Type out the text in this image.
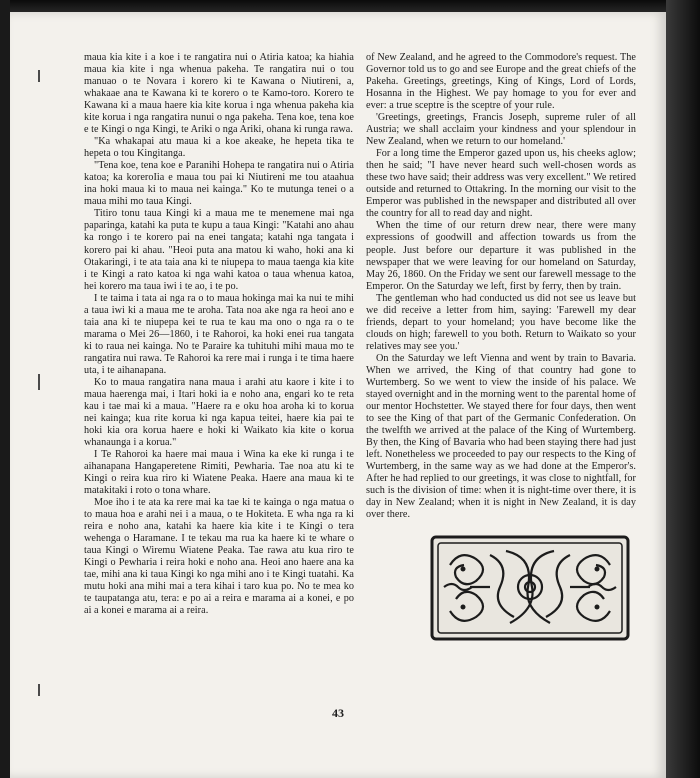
maua kia kite i a koe i te rangatira nui o Atiria katoa; ka hiahia maua kia kite i nga whenua pakeha. Te rangatira nui o tou manuao o te Novara i korero ki te Kawana o Niutireni, a, whakaae ana te Kawana ki te korero o te Kamo-toro. Korero te Kawana ki a maua haere kia kite korua i nga whenua pakeha kia kite korua i nga rangatira nunui o nga pakeha. Tena koe, tena koe e te Kingi o nga Kingi, te Ariki o nga Ariki, ohana ki runga rawa.

"Ka whakapai atu maua ki a koe akeake, he hepeta tika te hepeta o tou Kingitanga.

"Tena koe, tena koe e Paranihi Hohepa te rangatira nui o Atiria katoa; ka koreroIia e maua tou pai ki Niutireni me tou ataahua ina hoki maua ki to maua nei kainga." Ko te mutunga tenei o a maua mihi mo taua Kingi.

Titiro tonu taua Kingi ki a maua me te menemene mai nga paparinga, katahi ka puta te kupu a taua Kingi: "Katahi ano ahau ka rongo i te korero pai na enei tangata; katahi nga tangata i korero pai ki ahau. "Heoi puta ana matou ki waho, hoki ana ki Otakaringi, i te ata taia ana ki te niupepa to maua taenga kia kite i te Kingi a rato katoa ki nga wahi katoa o taua whenua katoa, hei korero ma taua iwi i te ao, i te po.

I te taima i tata ai nga ra o to maua hokinga mai ka nui te mihi a taua iwi ki a maua me te aroha. Tata noa ake nga ra heoi ano e taia ana ki te niupepa kei te rua te kau ma ono o nga ra o te marama o Mei 26—1860, i te Rahoroi, ka hoki enei rua tangata ki to raua nei kainga. No te Paraire ka tuhituhi mihi maua mo te rangatira nui rawa. Te Rahoroi ka rere mai i runga i te tima haere uta, i te aihanapana.

Ko to maua rangatira nana maua i arahi atu kaore i kite i to maua haerenga mai, i Itari hoki ia e noho ana, engari ko te reta kau i tae mai ki a maua. "Haere ra e oku hoa aroha ki to korua nei kainga; kua rite korua ki nga kapua teitei, haere kia pai te hoki kia ora korua haere e hoki ki Waikato kia kite o korua whanaunga i a korua."

I Te Rahoroi ka haere mai maua i Wina ka eke ki runga i te aihanapana Hangaperetene Rimiti, Pewharia. Tae noa atu ki te Kingi o reira kua riro ki Wiatene Peaka. Haere ana maua ki te matakitaki i roto o tona whare.

Moe iho i te ata ka rere mai ka tae ki te kainga o nga matua o to maua hoa e arahi nei i a maua, o te Hokiteta. E wha nga ra ki reira e noho ana, katahi ka haere kia kite i te Kingi o tera wehenga o Haramane. I te tekau ma rua ka haere ki te whare o taua Kingi o Wiremu Wiatene Peaka. Tae rawa atu kua riro te Kingi o Pewharia i reira hoki e noho ana. Heoi ano haere ana ka tae, mihi ana ki taua Kingi ko nga mihi ano i te Kingi tuatahi. Ka mutu hoki ana mihi mai a tera kihai i taro kua po. No te mea ko te taupatanga atu, tera: e po ai a reira e marama ai a konei, e po ai a konei e marama ai a reira.

of New Zealand, and he agreed to the Commodore's request. The Governor told us to go and see Europe and the great chiefs of the Pakeha. Greetings, greetings, King of Kings, Lord of Lords, Hosanna in the Highest. We pay homage to you for ever and ever: a true sceptre is the sceptre of your rule.

'Greetings, greetings, Francis Joseph, supreme ruler of all Austria; we shall acclaim your kindness and your splendour in New Zealand, when we return to our homeland.'

For a long time the Emperor gazed upon us, his cheeks aglow; then he said; "I have never heard such well-chosen words as these two have said; their address was very excellent." We retired outside and returned to Ottakring. In the morning our visit to the Emperor was published in the newspaper and distributed all over the country for all to read day and night.

When the time of our return drew near, there were many expressions of goodwill and affection towards us from the people. Just before our departure it was published in the newspaper that we were leaving for our homeland on Saturday, May 26, 1860. On the Friday we sent our farewell message to the Emperor. On the Saturday we left, first by ferry, then by train.

The gentleman who had conducted us did not see us leave but we did receive a letter from him, saying: 'Farewell my dear friends, depart to your homeland; you have become like the clouds on high; farewell to you both. Return to Waikato so your relatives may see you.'

On the Saturday we left Vienna and went by train to Bavaria. When we arrived, the King of that country had gone to Wurtemberg. So we went to view the inside of his palace. We stayed overnight and in the morning went to the parental home of our mentor Hochstetter. We stayed there for four days, then went to see the King of that part of the Germanic Confederation. On the twelfth we arrived at the palace of the King of Wurtemberg. By then, the King of Bavaria who had been staying there had just left. Nonetheless we proceeded to pay our respects to the King of Wurtemberg, in the same way as we had done at the Emperor's. After he had replied to our greetings, it was close to nightfall, for such is the division of time: when it is night-time over there, it is day in New Zealand; when it is night in New Zealand, it is day over there.

43
